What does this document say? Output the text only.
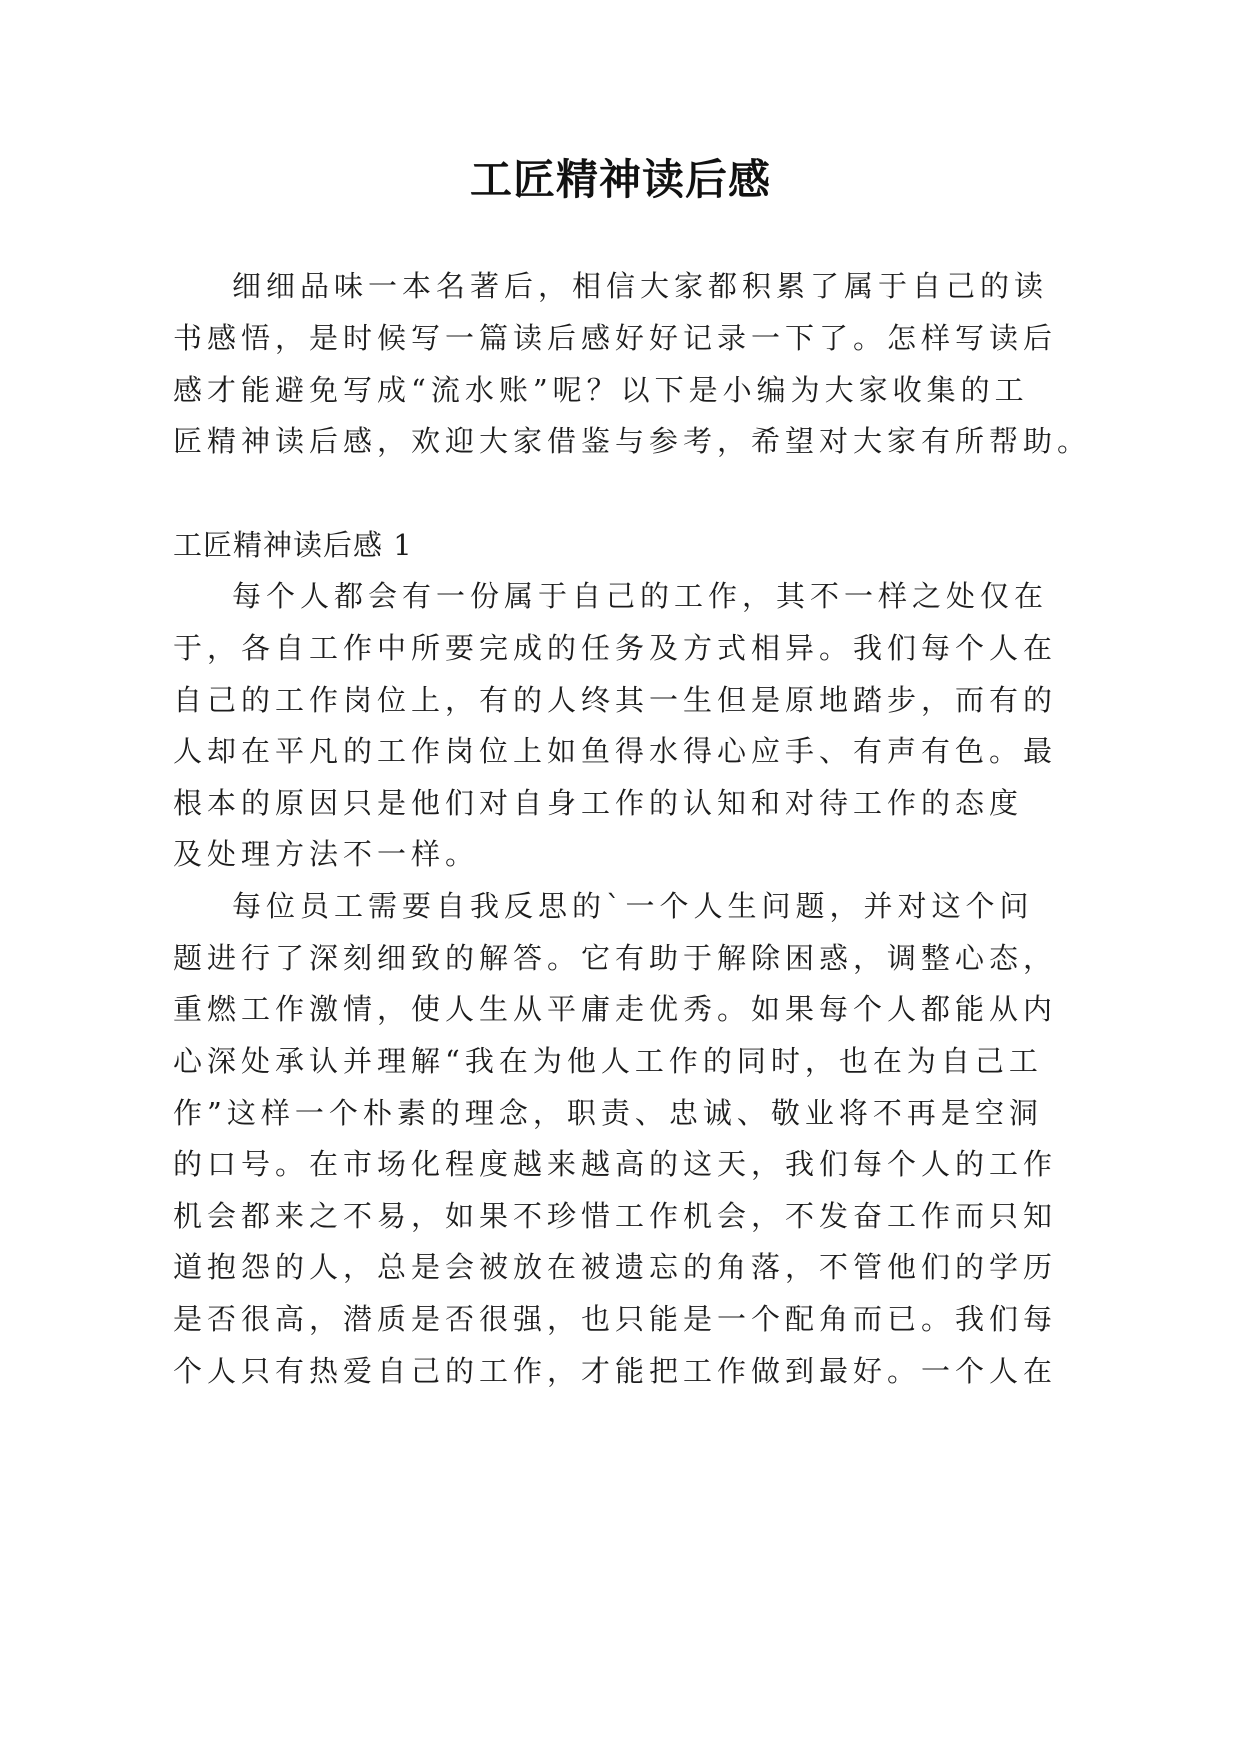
工匠精神读后感
细细品味一本名著后，相信大家都积累了属于自己的读
书感悟，是时候写一篇读后感好好记录一下了。怎样写读后
感才能避免写成“流水账”呢？以下是小编为大家收集的工
匠精神读后感，欢迎大家借鉴与参考，希望对大家有所帮助。
工匠精神读后感 1
每个人都会有一份属于自己的工作，其不一样之处仅在
于，各自工作中所要完成的任务及方式相异。我们每个人在
自己的工作岗位上，有的人终其一生但是原地踏步，而有的
人却在平凡的工作岗位上如鱼得水得心应手、有声有色。最
根本的原因只是他们对自身工作的认知和对待工作的态度
及处理方法不一样。
每位员工需要自我反思的`一个人生问题，并对这个问
题进行了深刻细致的解答。它有助于解除困惑，调整心态，
重燃工作激情，使人生从平庸走优秀。如果每个人都能从内
心深处承认并理解“我在为他人工作的同时，也在为自己工
作”这样一个朴素的理念，职责、忠诚、敬业将不再是空洞
的口号。在市场化程度越来越高的这天，我们每个人的工作
机会都来之不易，如果不珍惜工作机会，不发奋工作而只知
道抱怨的人，总是会被放在被遗忘的角落，不管他们的学历
是否很高，潜质是否很强，也只能是一个配角而已。我们每
个人只有热爱自己的工作，才能把工作做到最好。一个人在
